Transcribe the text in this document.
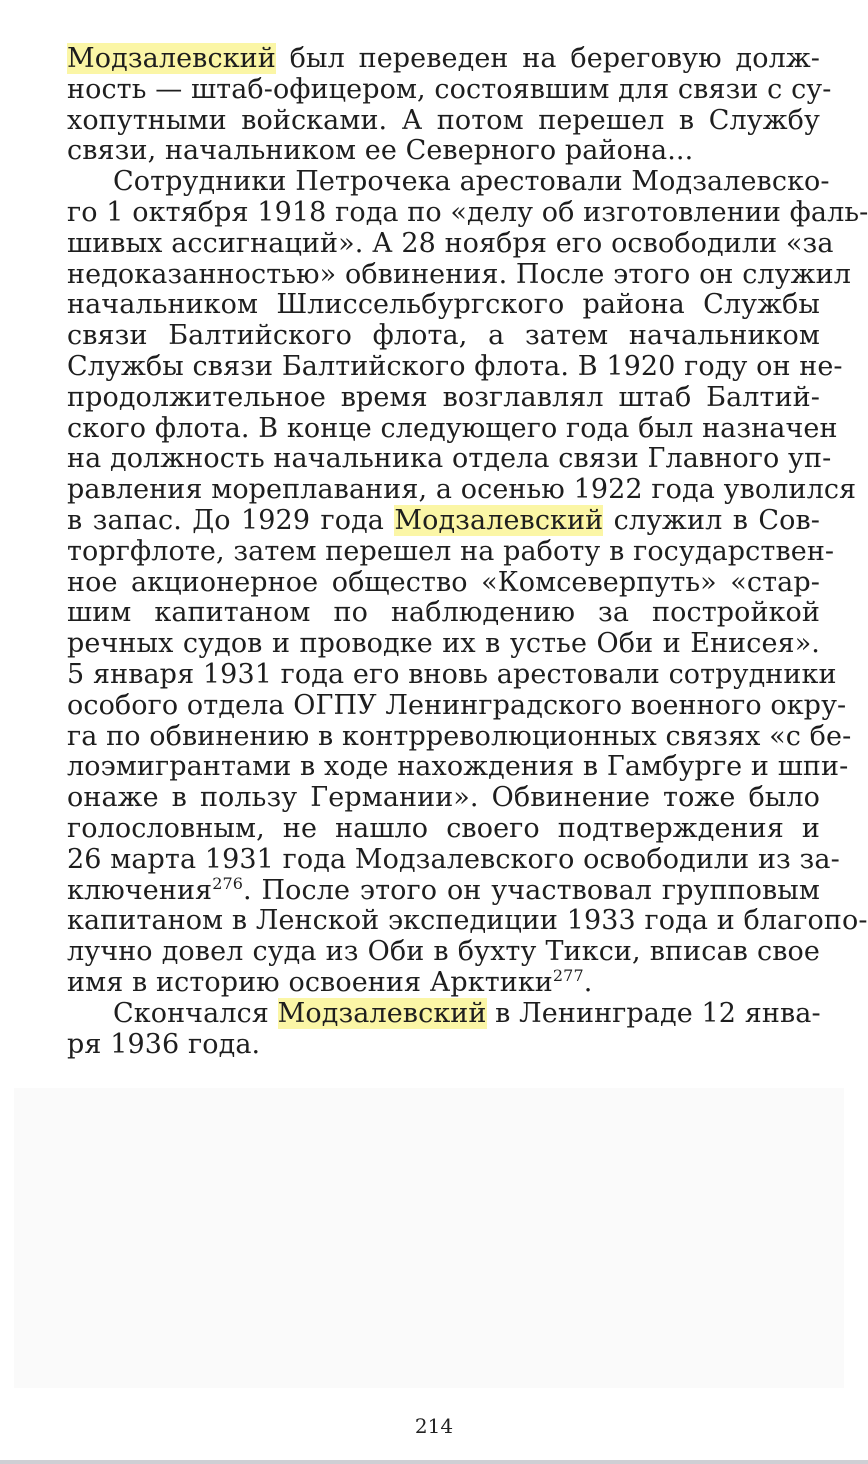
Модзалевский был переведен на береговую долж-
ность — штаб-офицером, состоявшим для связи с су-
хопутными войсками. А потом перешел в Службу
связи, начальником ее Северного района...
Сотрудники Петрочека арестовали Модзалевско-
го 1 октября 1918 года по «делу об изготовлении фаль-
шивых ассигнаций». А 28 ноября его освободили «за
недоказанностью» обвинения. После этого он служил
начальником Шлиссельбургского района Службы
связи Балтийского флота, а затем начальником
Службы связи Балтийского флота. В 1920 году он не-
продолжительное время возглавлял штаб Балтий-
ского флота. В конце следующего года был назначен
на должность начальника отдела связи Главного уп-
равления мореплавания, а осенью 1922 года уволился
в запас. До 1929 года Модзалевский служил в Сов-
торгфлоте, затем перешел на работу в государствен-
ное акционерное общество «Комсеверпуть» «стар-
шим капитаном по наблюдению за постройкой
речных судов и проводке их в устье Оби и Енисея».
5 января 1931 года его вновь арестовали сотрудники
особого отдела ОГПУ Ленинградского военного окру-
га по обвинению в контрреволюционных связях «с бе-
лоэмигрантами в ходе нахождения в Гамбурге и шпи-
онаже в пользу Германии». Обвинение тоже было
голословным, не нашло своего подтверждения и
26 марта 1931 года Модзалевского освободили из за-
ключения$^{276}$. После этого он участвовал групповым
капитаном в Ленской экспедиции 1933 года и благопо-
лучно довел суда из Оби в бухту Тикси, вписав свое
имя в историю освоения Арктики$^{277}$.
Скончался Модзалевский в Ленинграде 12 янва-
ря 1936 года.
214
